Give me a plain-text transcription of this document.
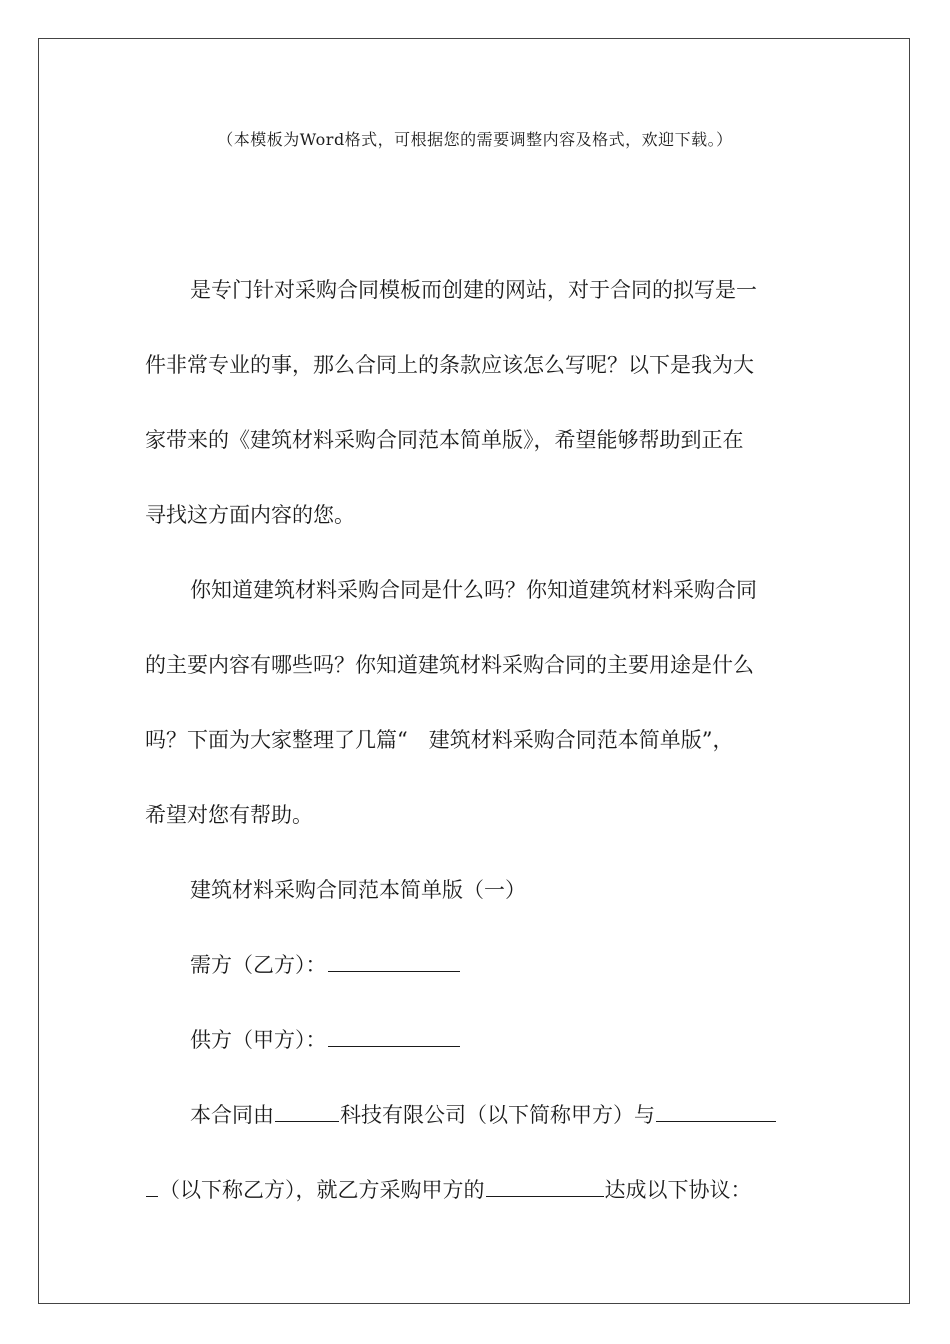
（本模板为Word格式，可根据您的需要调整内容及格式，欢迎下载。）
是专门针对采购合同模板而创建的网站，对于合同的拟写是一
件非常专业的事，那么合同上的条款应该怎么写呢？以下是我为大
家带来的《建筑材料采购合同范本简单版》，希望能够帮助到正在
寻找这方面内容的您。
你知道建筑材料采购合同是什么吗？你知道建筑材料采购合同
的主要内容有哪些吗？你知道建筑材料采购合同的主要用途是什么
吗？下面为大家整理了几篇“　建筑材料采购合同范本简单版”，
希望对您有帮助。
建筑材料采购合同范本简单版（一）
需方（乙方）：
供方（甲方）：
本合同由	科技有限公司（以下简称甲方）与
（以下称乙方），就乙方采购甲方的	达成以下协议：
